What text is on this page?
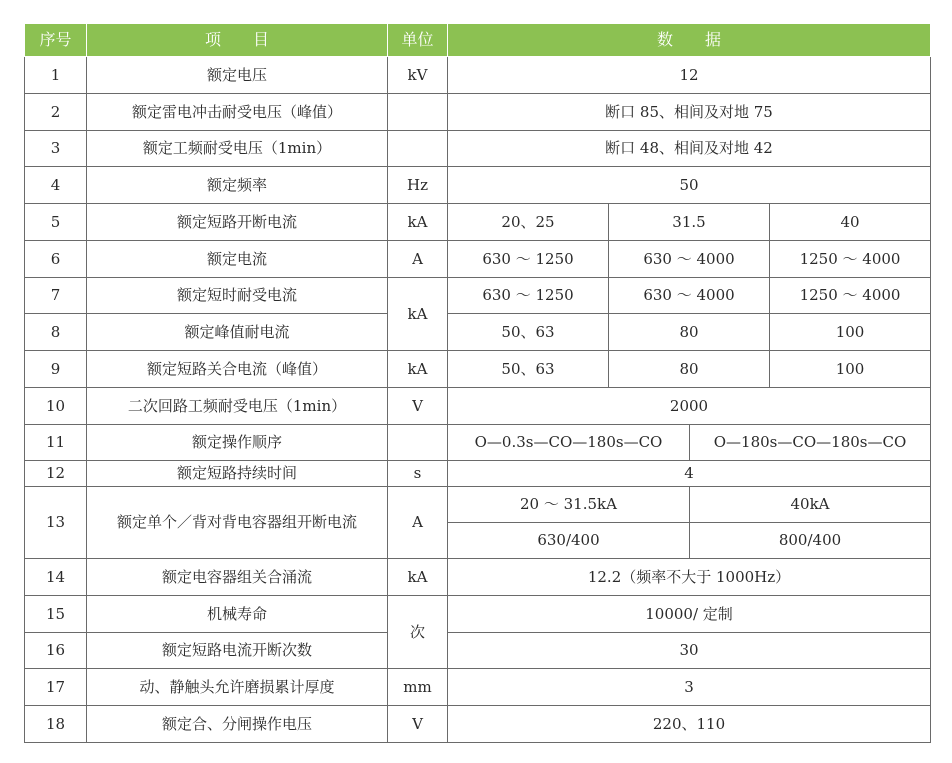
序号	项　　目	单位	数　　据			
1	额定电压	kV	12			
2	额定雷电冲击耐受电压（峰值）		断口 85、相间及对地 75			
3	额定工频耐受电压（1min）		断口 48、相间及对地 42			
4	额定频率	Hz	50			
5	额定短路开断电流	kA	20、25	31.5		40
6	额定电流	A	630 ～ 1250	630 ～ 4000		1250 ～ 4000
7	额定短时耐受电流	kA	630 ～ 1250	630 ～ 4000		1250 ～ 4000
8	额定峰值耐电流		50、63	80		100
9	额定短路关合电流（峰值）	kA	50、63	80		100
10	二次回路工频耐受电压（1min）	V	2000			
11	额定操作顺序		O—0.3s—CO—180s—CO		O—180s—CO—180s—CO	
12	额定短路持续时间	s	4			
13	额定单个／背对背电容器组开断电流	A	20 ～ 31.5kA		40kA	
			630/400		800/400	
14	额定电容器组关合涌流	kA	12.2（频率不大于 1000Hz）			
15	机械寿命	次	10000/ 定制			
16	额定短路电流开断次数		30			
17	动、静触头允许磨损累计厚度	mm	3			
18	额定合、分闸操作电压	V	220、110			
